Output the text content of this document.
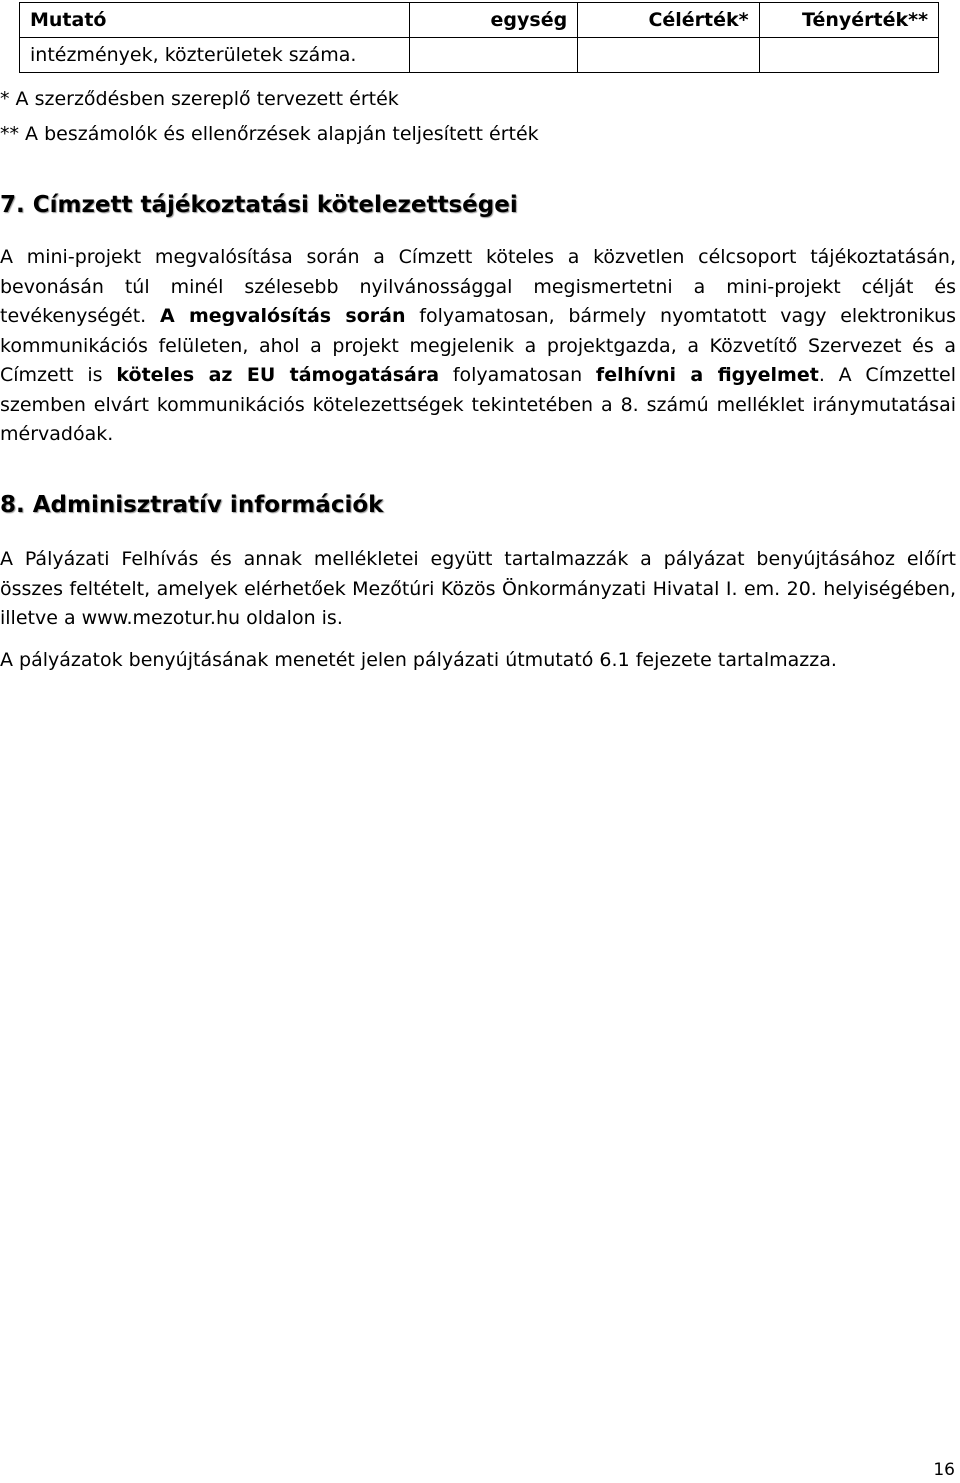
Mutató	egység	Célérték*	Tényérték**
intézmények, közterületek száma.			
* A szerződésben szereplő tervezett érték
** A beszámolók és ellenőrzések alapján teljesített érték
7. Címzett tájékoztatási kötelezettségei
A mini-projekt megvalósítása során a Címzett köteles a közvetlen célcsoport tájékoztatásán, bevonásán túl minél szélesebb nyilvánossággal megismertetni a mini-projekt célját és tevékenységét. A megvalósítás során folyamatosan, bármely nyomtatott vagy elektronikus kommunikációs felületen, ahol a projekt megjelenik a projektgazda, a Közvetítő Szervezet és a Címzett is köteles az EU támogatására folyamatosan felhívni a figyelmet. A Címzettel szemben elvárt kommunikációs kötelezettségek tekintetében a 8. számú melléklet iránymutatásai mérvadóak.
8. Adminisztratív információk
A Pályázati Felhívás és annak mellékletei együtt tartalmazzák a pályázat benyújtásához előírt összes feltételt, amelyek elérhetőek Mezőtúri Közös Önkormányzati Hivatal I. em. 20. helyiségében, illetve a www.mezotur.hu oldalon is.
A pályázatok benyújtásának menetét jelen pályázati útmutató 6.1 fejezete tartalmazza.
16
